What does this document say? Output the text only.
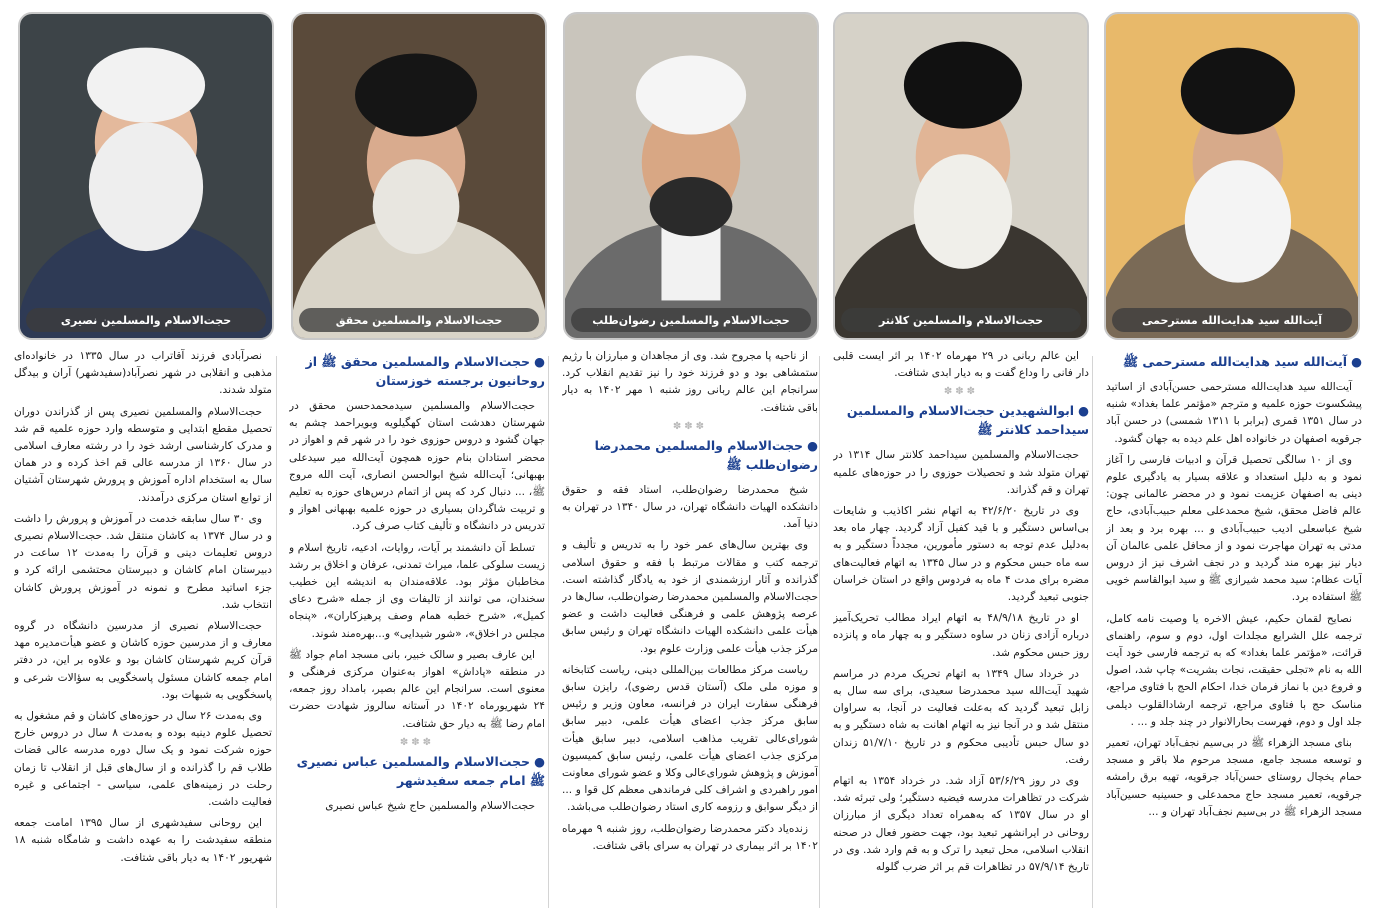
حجت‌الاسلام والمسلمین نصیری	حجت‌الاسلام والمسلمین محقق	حجت‌الاسلام والمسلمین رضوان‌طلب	حجت‌الاسلام والمسلمین کلانتر	آیت‌الله سید هدایت‌الله مسترحمی
●آیت‌الله سید هدایت‌الله مسترحمی ﷺ

آیت‌الله سید هدایت‌الله مسترحمی حسن‌آبادی از اساتید پیشکسوت حوزه علمیه و مترجم «مؤتمر علما بغداد» شنبه در سال ۱۳۵۱ قمری (برابر با ۱۳۱۱ شمسی) در حسن آباد جرقویه اصفهان در خانواده اهل علم دیده به جهان گشود.

وی از ۱۰ سالگی تحصیل قرآن و ادبیات فارسی را آغاز نمود و به دلیل استعداد و علاقه بسیار به یادگیری علوم دینی به اصفهان عزیمت نمود و در محضر عالمانی چون: عالم فاضل محقق، شیخ محمدعلی معلم حبیب‌آبادی، حاج شیخ عباسعلی ادیب حبیب‌آبادی و ... بهره برد و بعد از مدتی به تهران مهاجرت نمود و از محافل علمی عالمان آن دیار نیز بهره مند گردید و در نجف اشرف نیز از دروس آیات عظام: سید محمد شیرازی ﷺ و سید ابوالقاسم خویی ﷺ استفاده برد.

نصایح لقمان حکیم، عیش الاخره یا وصیت نامه کامل، ترجمه علل الشرایع مجلدات اول، دوم و سوم، راهنمای قرائت، «مؤتمر علما بغداد» که به ترجمه فارسی خود آیت الله به نام «تجلی حقیقت، نجات بشریت» چاپ شد، اصول و فروع دین با نماز فرمان خدا، احکام الحج با فتاوی مراجع، مناسک حج با فتاوی مراجع، ترجمه ارشادالقلوب دیلمی جلد اول و دوم، فهرست بحارالانوار در چند جلد و ... .

بنای مسجد الزهراء ﷺ در بی‌سیم نجف‌آباد تهران، تعمیر و توسعه مسجد جامع، مسجد مرحوم ملا باقر و مسجد حمام یخچال روستای حسن‌آباد جرقویه، تهیه برق رامشه جرقویه، تعمیر مسجد حاج محمدعلی و حسینیه حسین‌آباد مسجد الزهراء ﷺ در بی‌سیم نجف‌آباد تهران و ...

این عالم ربانی در ۲۹ مهرماه ۱۴۰۲ بر اثر ایست قلبی دار فانی را وداع گفت و به دیار ابدی شتافت.

✽✽✽
●ابوالشهیدین حجت‌الاسلام والمسلمین سیداحمد کلانتر ﷺ

حجت‌الاسلام والمسلمین سیداحمد کلانتر سال ۱۳۱۴ در تهران متولد شد و تحصیلات حوزوی را در حوزه‌های علمیه تهران و قم گذراند.

وی در تاریخ ۴۲/۶/۲۰ به اتهام نشر اکاذیب و شایعات بی‌اساس دستگیر و با قید کفیل آزاد گردید. چهار ماه بعد به‌دلیل عدم توجه به دستور مأمورین، مجدداً دستگیر و به سه ماه حبس محکوم و در سال ۱۳۴۵ به اتهام فعالیت‌های مضره برای مدت ۴ ماه به فردوس واقع در استان خراسان جنوبی تبعید گردید.

او در تاریخ ۴۸/۹/۱۸ به اتهام ایراد مطالب تحریک‌آمیز درباره آزادی زنان در ساوه دستگیر و به چهار ماه و پانزده روز حبس محکوم شد.

در خرداد سال ۱۳۴۹ به اتهام تحریک مردم در مراسم شهید آیت‌الله سید محمدرضا سعیدی، برای سه سال به زابل تبعید گردید که به‌علت فعالیت در آنجا، به سراوان منتقل شد و در آنجا نیز به اتهام اهانت به شاه دستگیر و به دو سال حبس تأدیبی محکوم و در تاریخ ۵۱/۷/۱۰ زندان رفت.

وی در روز ۵۳/۶/۲۹ آزاد شد. در خرداد ۱۳۵۴ به اتهام شرکت در تظاهرات مدرسه فیضیه دستگیر؛ ولی تبرئه شد. او در سال ۱۳۵۷ که به‌همراه تعداد دیگری از مبارزان روحانی در ایرانشهر تبعید بود، جهت حضور فعال در صحنه انقلاب اسلامی، محل تبعید را ترک و به قم وارد شد. وی در تاریخ ۵۷/۹/۱۴ در تظاهرات قم بر اثر ضرب گلوله

از ناحیه پا مجروح شد. وی از مجاهدان و مبارزان با رژیم ستمشاهی بود و دو فرزند خود را نیز تقدیم انقلاب کرد. سرانجام این عالم ربانی روز شنبه ۱ مهر ۱۴۰۲ به دیار باقی شتافت.

✽✽✽
●حجت‌الاسلام والمسلمین محمدرضا رضوان‌طلب ﷺ

شیخ محمدرضا رضوان‌طلب، استاد فقه و حقوق دانشکده الهیات دانشگاه تهران، در سال ۱۳۴۰ در تهران به دنیا آمد.

وی بهترین سال‌های عمر خود را به تدریس و تألیف و ترجمه کتب و مقالات مرتبط با فقه و حقوق اسلامی گذرانده و آثار ارزشمندی از خود به یادگار گذاشته است. حجت‌الاسلام والمسلمین محمدرضا رضوان‌طلب، سال‌ها در عرصه پژوهش علمی و فرهنگی فعالیت داشت و عضو هیأت علمی دانشکده الهیات دانشگاه تهران و رئیس سابق مرکز جذب هیأت علمی وزارت علوم بود.

ریاست مرکز مطالعات بین‌المللی دینی، ریاست کتابخانه و موزه ملی ملک (آستان قدس رضوی)، رایزن سابق فرهنگی سفارت ایران در فرانسه، معاون وزیر و رئیس سابق مرکز جذب اعضای هیأت علمی، دبیر سابق شورای‌عالی تقریب مذاهب اسلامی، دبیر سابق هیأت مرکزی جذب اعضای هیأت علمی، رئیس سابق کمیسیون آموزش و پژوهش شورای‌عالی وکلا و عضو شورای معاونت امور راهبردی و اشراف کلی فرماندهی معظم کل قوا و ... از دیگر سوابق و رزومه کاری استاد رضوان‌طلب می‌باشد.

زنده‌یاد دکتر محمدرضا رضوان‌طلب، روز شنبه ۹ مهرماه ۱۴۰۲ بر اثر بیماری در تهران به سرای باقی شتافت.

●حجت‌الاسلام والمسلمین محقق ﷺ از روحانیون برجسته خوزستان

حجت‌الاسلام والمسلمین سیدمحمدحسن محقق در شهرستان دهدشت استان کهگیلویه وبویراحمد چشم به جهان گشود و دروس حوزوی خود را در شهر قم و اهواز در محضر استادان بنام حوزه همچون آیت‌الله میر سیدعلی بهبهانی؛ آیت‌الله شیخ ابوالحسن انصاری، آیت الله مروج ﷺ، ... دنبال کرد که پس از اتمام درس‌های حوزه به تعلیم و تربیت شاگردان بسیاری در حوزه علمیه بهبهانی اهواز و تدریس در دانشگاه و تألیف کتاب صرف کرد.

تسلط آن دانشمند بر آیات، روایات، ادعیه، تاریخ اسلام و زیست سلوکی علما، میراث تمدنی، عرفان و اخلاق بر رشد مخاطبان مؤثر بود. علاقه‌مندان به اندیشه این خطیب سخندان، می توانند از تالیفات وی از جمله «شرح دعای کمیل»، «شرح خطبه همام وصف پرهیزکاران»، «پنجاه مجلس در اخلاق»، «شور شیدایی» و...بهره‌مند شوند.

این عارف بصیر و سالک خبیر، بانی مسجد امام جواد ﷺ در منطقه «پاداش» اهواز به‌عنوان مرکزی فرهنگی و معنوی است. سرانجام این عالم بصیر، بامداد روز جمعه، ۲۴ شهریورماه ۱۴۰۲ در آستانه سالروز شهادت حضرت امام رضا ﷺ به دیار حق شتافت.

✽✽✽
●حجت‌الاسلام والمسلمین عباس نصیری ﷺ امام جمعه سفیدشهر

حجت‌الاسلام والمسلمین حاج شیخ عباس نصیری

نصرآبادی فرزند آقاتراب در سال ۱۳۳۵ در خانواده‌ای مذهبی و انقلابی در شهر نصرآباد(سفیدشهر) آران و بیدگل متولد شدند.

حجت‌الاسلام والمسلمین نصیری پس از گذراندن دوران تحصیل مقطع ابتدایی و متوسطه وارد حوزه علمیه قم شد و مدرک کارشناسی ارشد خود را در رشته معارف اسلامی در سال ۱۳۶۰ از مدرسه عالی قم اخذ کرده و در همان سال به استخدام اداره آموزش و پرورش شهرستان آشتیان از توابع استان مرکزی درآمدند.

وی ۳۰ سال سابقه خدمت در آموزش و پرورش را داشت و در سال ۱۳۷۴ به کاشان منتقل شد. حجت‌الاسلام نصیری دروس تعلیمات دینی و قرآن را به‌مدت ۱۲ ساعت در دبیرستان امام کاشان و دبیرستان محتشمی ارائه کرد و جزء اساتید مطرح و نمونه در آموزش پرورش کاشان انتخاب شد.

حجت‌الاسلام نصیری از مدرسین دانشگاه در گروه معارف و از مدرسین حوزه کاشان و عضو هیأت‌مدیره مهد قرآن کریم شهرستان کاشان بود و علاوه بر این، در دفتر امام جمعه کاشان مسئول پاسخگویی به سؤالات شرعی و پاسخگویی به شبهات بود.

وی به‌مدت ۲۶ سال در حوزه‌های کاشان و قم مشغول به تحصیل علوم دینیه بوده و به‌مدت ۸ سال در دروس خارج حوزه شرکت نمود و یک سال دوره مدرسه عالی قضات طلاب قم را گذرانده و از سال‌های قبل از انقلاب تا زمان رحلت در زمینه‌های علمی، سیاسی - اجتماعی و غیره فعالیت داشت.

این روحانی سفیدشهری از سال ۱۳۹۵ امامت جمعه منطقه سفیدشت را به عهده داشت و شامگاه شنبه ۱۸ شهریور ۱۴۰۲ به دیار باقی شتافت.
